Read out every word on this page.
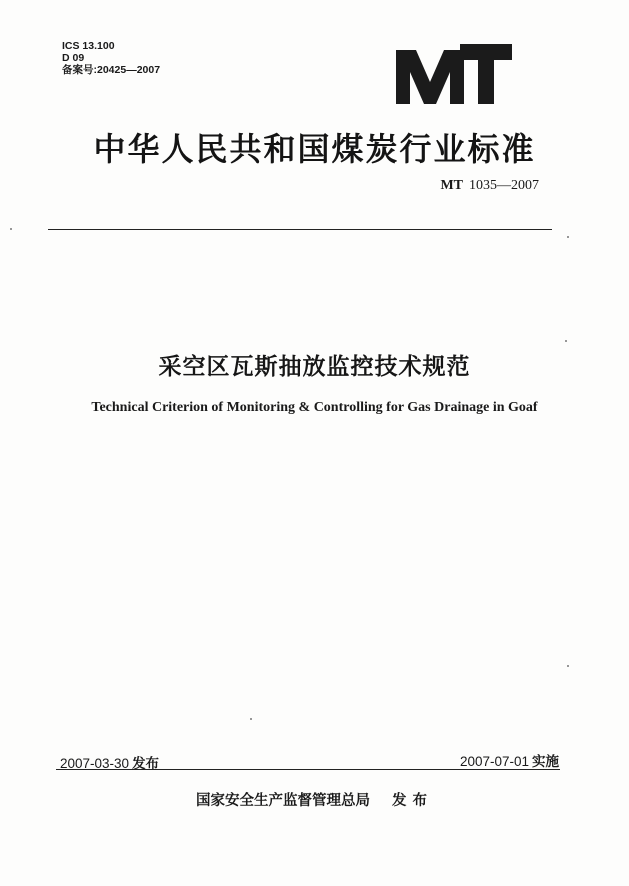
ICS 13.100
D 09
备案号:20425—2007
中华人民共和国煤炭行业标准
MT 1035—2007
采空区瓦斯抽放监控技术规范
Technical Criterion of Monitoring & Controlling for Gas Drainage in Goaf
2007-03-30 发布	2007-07-01 实施
国家安全生产监督管理总局 发布
